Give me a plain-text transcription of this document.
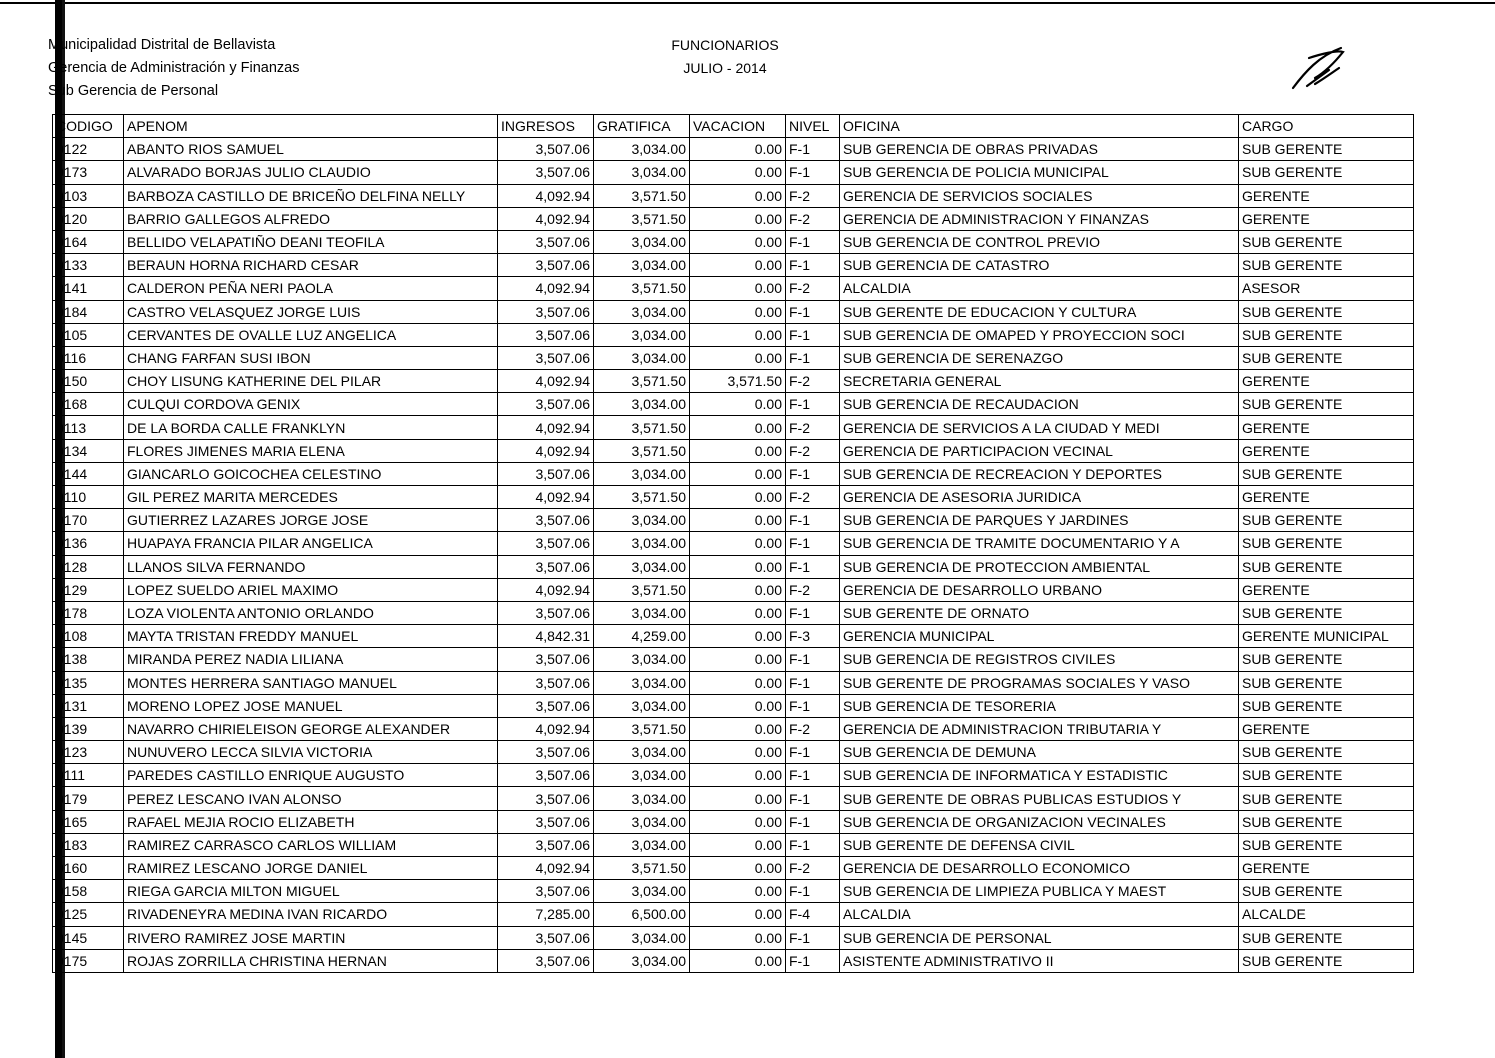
Municipalidad Distrital de Bellavista
Gerencia de Administración y Finanzas
Sub Gerencia de Personal
FUNCIONARIOS
JULIO - 2014
CODIGO	APENOM	INGRESOS	GRATIFICA	VACACION	NIVEL	OFICINA	CARGO
0122	ABANTO RIOS SAMUEL	3,507.06	3,034.00	0.00	F-1	SUB GERENCIA DE OBRAS PRIVADAS	SUB GERENTE
0173	ALVARADO BORJAS JULIO CLAUDIO	3,507.06	3,034.00	0.00	F-1	SUB GERENCIA DE POLICIA MUNICIPAL	SUB GERENTE
0103	BARBOZA CASTILLO DE BRICEÑO DELFINA NELLY	4,092.94	3,571.50	0.00	F-2	GERENCIA DE SERVICIOS SOCIALES	GERENTE
0120	BARRIO GALLEGOS ALFREDO	4,092.94	3,571.50	0.00	F-2	GERENCIA DE ADMINISTRACION Y FINANZAS	GERENTE
0164	BELLIDO VELAPATIÑO DEANI TEOFILA	3,507.06	3,034.00	0.00	F-1	SUB GERENCIA DE CONTROL PREVIO	SUB GERENTE
0133	BERAUN HORNA RICHARD CESAR	3,507.06	3,034.00	0.00	F-1	SUB GERENCIA DE CATASTRO	SUB GERENTE
0141	CALDERON PEÑA NERI PAOLA	4,092.94	3,571.50	0.00	F-2	ALCALDIA	ASESOR
0184	CASTRO VELASQUEZ JORGE LUIS	3,507.06	3,034.00	0.00	F-1	SUB GERENTE DE EDUCACION Y CULTURA	SUB GERENTE
0105	CERVANTES DE OVALLE LUZ ANGELICA	3,507.06	3,034.00	0.00	F-1	SUB GERENCIA DE OMAPED Y PROYECCION SOCI	SUB GERENTE
0116	CHANG FARFAN SUSI IBON	3,507.06	3,034.00	0.00	F-1	SUB GERENCIA DE SERENAZGO	SUB GERENTE
0150	CHOY LISUNG KATHERINE DEL PILAR	4,092.94	3,571.50	3,571.50	F-2	SECRETARIA GENERAL	GERENTE
0168	CULQUI CORDOVA GENIX	3,507.06	3,034.00	0.00	F-1	SUB GERENCIA DE RECAUDACION	SUB GERENTE
0113	DE LA BORDA CALLE FRANKLYN	4,092.94	3,571.50	0.00	F-2	GERENCIA DE SERVICIOS A LA CIUDAD Y MEDI	GERENTE
0134	FLORES JIMENES MARIA ELENA	4,092.94	3,571.50	0.00	F-2	GERENCIA DE PARTICIPACION VECINAL	GERENTE
0144	GIANCARLO GOICOCHEA CELESTINO	3,507.06	3,034.00	0.00	F-1	SUB GERENCIA DE RECREACION Y DEPORTES	SUB GERENTE
0110	GIL PEREZ MARITA MERCEDES	4,092.94	3,571.50	0.00	F-2	GERENCIA DE ASESORIA JURIDICA	GERENTE
0170	GUTIERREZ LAZARES JORGE JOSE	3,507.06	3,034.00	0.00	F-1	SUB GERENCIA DE PARQUES Y JARDINES	SUB GERENTE
0136	HUAPAYA FRANCIA PILAR ANGELICA	3,507.06	3,034.00	0.00	F-1	SUB GERENCIA DE TRAMITE DOCUMENTARIO Y A	SUB GERENTE
0128	LLANOS SILVA FERNANDO	3,507.06	3,034.00	0.00	F-1	SUB GERENCIA DE PROTECCION AMBIENTAL	SUB GERENTE
0129	LOPEZ SUELDO ARIEL MAXIMO	4,092.94	3,571.50	0.00	F-2	GERENCIA DE DESARROLLO URBANO	GERENTE
0178	LOZA VIOLENTA ANTONIO ORLANDO	3,507.06	3,034.00	0.00	F-1	SUB GERENTE DE ORNATO	SUB GERENTE
0108	MAYTA TRISTAN FREDDY MANUEL	4,842.31	4,259.00	0.00	F-3	GERENCIA MUNICIPAL	GERENTE MUNICIPAL
0138	MIRANDA PEREZ NADIA LILIANA	3,507.06	3,034.00	0.00	F-1	SUB GERENCIA DE REGISTROS CIVILES	SUB GERENTE
0135	MONTES HERRERA SANTIAGO MANUEL	3,507.06	3,034.00	0.00	F-1	SUB GERENTE DE PROGRAMAS SOCIALES Y VASO	SUB GERENTE
0131	MORENO LOPEZ JOSE MANUEL	3,507.06	3,034.00	0.00	F-1	SUB GERENCIA DE TESORERIA	SUB GERENTE
0139	NAVARRO CHIRIELEISON GEORGE ALEXANDER	4,092.94	3,571.50	0.00	F-2	GERENCIA DE ADMINISTRACION TRIBUTARIA Y	GERENTE
0123	NUNUVERO LECCA SILVIA VICTORIA	3,507.06	3,034.00	0.00	F-1	SUB GERENCIA DE DEMUNA	SUB GERENTE
0111	PAREDES CASTILLO ENRIQUE AUGUSTO	3,507.06	3,034.00	0.00	F-1	SUB GERENCIA DE INFORMATICA Y ESTADISTIC	SUB GERENTE
0179	PEREZ LESCANO IVAN ALONSO	3,507.06	3,034.00	0.00	F-1	SUB GERENTE DE OBRAS PUBLICAS ESTUDIOS Y	SUB GERENTE
0165	RAFAEL MEJIA ROCIO ELIZABETH	3,507.06	3,034.00	0.00	F-1	SUB GERENCIA DE ORGANIZACION VECINALES	SUB GERENTE
0183	RAMIREZ CARRASCO CARLOS WILLIAM	3,507.06	3,034.00	0.00	F-1	SUB GERENTE DE DEFENSA CIVIL	SUB GERENTE
0160	RAMIREZ LESCANO JORGE DANIEL	4,092.94	3,571.50	0.00	F-2	GERENCIA DE DESARROLLO ECONOMICO	GERENTE
0158	RIEGA GARCIA MILTON MIGUEL	3,507.06	3,034.00	0.00	F-1	SUB GERENCIA DE LIMPIEZA PUBLICA Y MAEST	SUB GERENTE
0125	RIVADENEYRA MEDINA IVAN RICARDO	7,285.00	6,500.00	0.00	F-4	ALCALDIA	ALCALDE
0145	RIVERO RAMIREZ JOSE MARTIN	3,507.06	3,034.00	0.00	F-1	SUB GERENCIA DE PERSONAL	SUB GERENTE
0175	ROJAS ZORRILLA CHRISTINA HERNAN	3,507.06	3,034.00	0.00	F-1	ASISTENTE ADMINISTRATIVO II	SUB GERENTE
